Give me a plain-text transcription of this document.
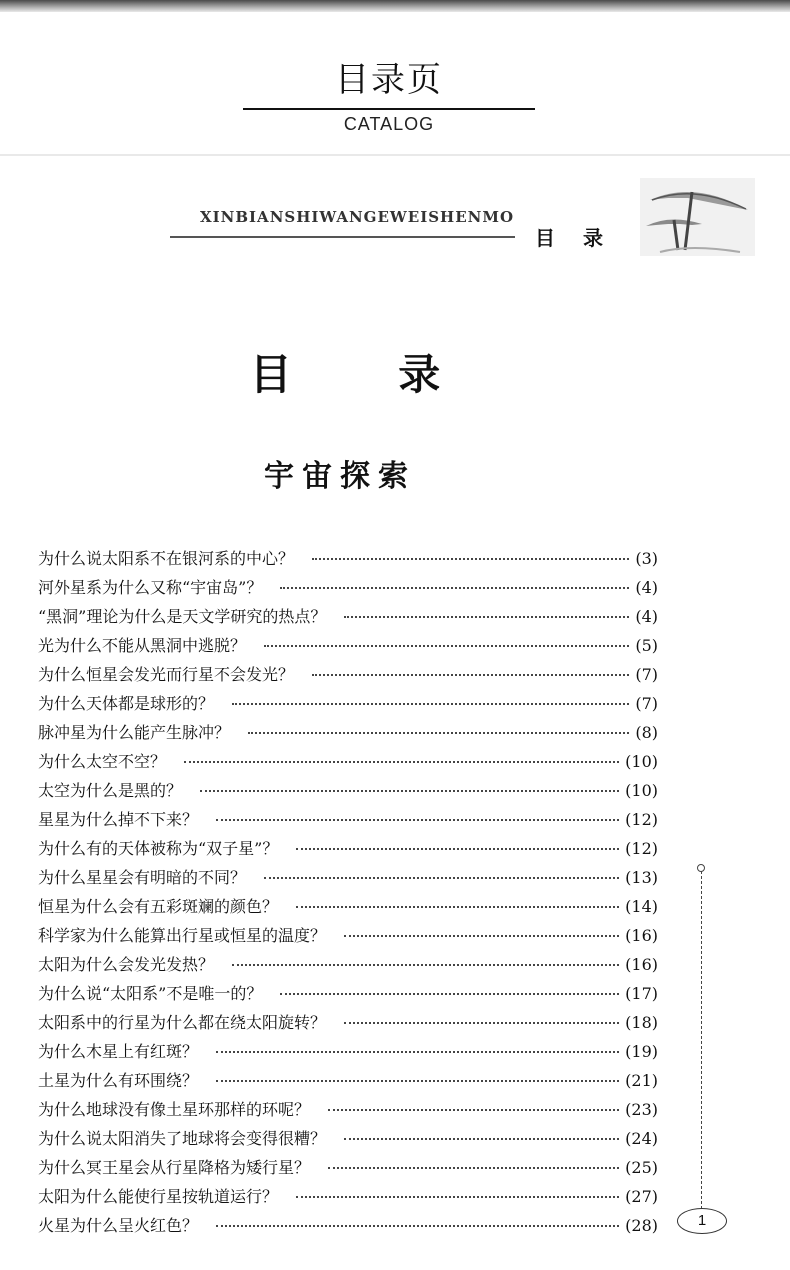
目录页
CATALOG
XINBIANSHIWANGEWEISHENMO
目录
目 录
宇宙探索
为什么说太阳系不在银河系的中心？	(3)
河外星系为什么又称“宇宙岛”？	(4)
“黑洞”理论为什么是天文学研究的热点？	(4)
光为什么不能从黑洞中逃脱？	(5)
为什么恒星会发光而行星不会发光？	(7)
为什么天体都是球形的？	(7)
脉冲星为什么能产生脉冲？	(8)
为什么太空不空？	(10)
太空为什么是黑的？	(10)
星星为什么掉不下来？	(12)
为什么有的天体被称为“双子星”？	(12)
为什么星星会有明暗的不同？	(13)
恒星为什么会有五彩斑斓的颜色？	(14)
科学家为什么能算出行星或恒星的温度？	(16)
太阳为什么会发光发热？	(16)
为什么说“太阳系”不是唯一的？	(17)
太阳系中的行星为什么都在绕太阳旋转？	(18)
为什么木星上有红斑？	(19)
土星为什么有环围绕？	(21)
为什么地球没有像土星环那样的环呢？	(23)
为什么说太阳消失了地球将会变得很糟？	(24)
为什么冥王星会从行星降格为矮行星？	(25)
太阳为什么能使行星按轨道运行？	(27)
火星为什么呈火红色？	(28)	1
